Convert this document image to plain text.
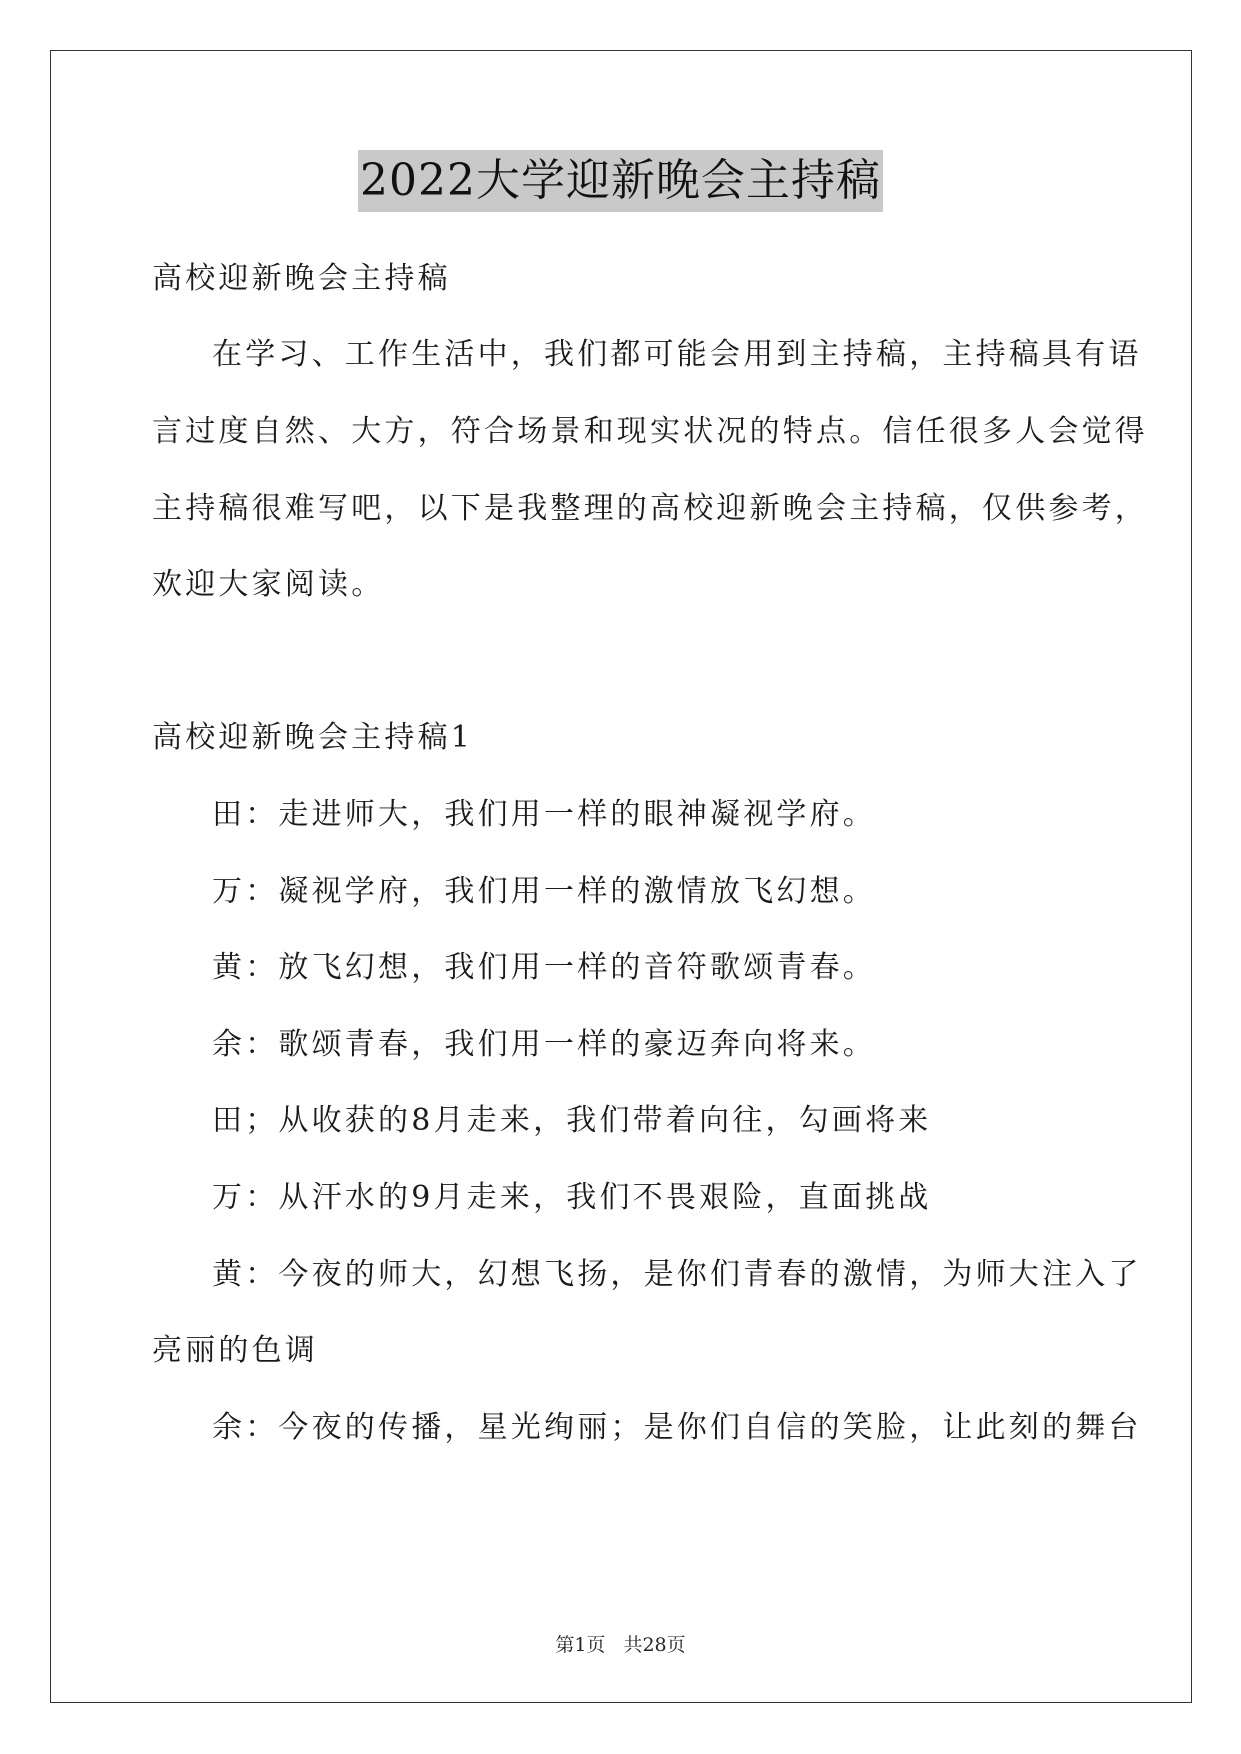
2022大学迎新晚会主持稿
高校迎新晚会主持稿
在学习、工作生活中，我们都可能会用到主持稿，主持稿具有语
言过度自然、大方，符合场景和现实状况的特点。信任很多人会觉得
主持稿很难写吧，以下是我整理的高校迎新晚会主持稿，仅供参考，
欢迎大家阅读。
高校迎新晚会主持稿1
田：走进师大，我们用一样的眼神凝视学府。
万：凝视学府，我们用一样的激情放飞幻想。
黄：放飞幻想，我们用一样的音符歌颂青春。
余：歌颂青春，我们用一样的豪迈奔向将来。
田；从收获的8月走来，我们带着向往，勾画将来
万：从汗水的9月走来，我们不畏艰险，直面挑战
黄：今夜的师大，幻想飞扬，是你们青春的激情，为师大注入了
亮丽的色调
余：今夜的传播，星光绚丽；是你们自信的笑脸，让此刻的舞台
第1页 共28页
